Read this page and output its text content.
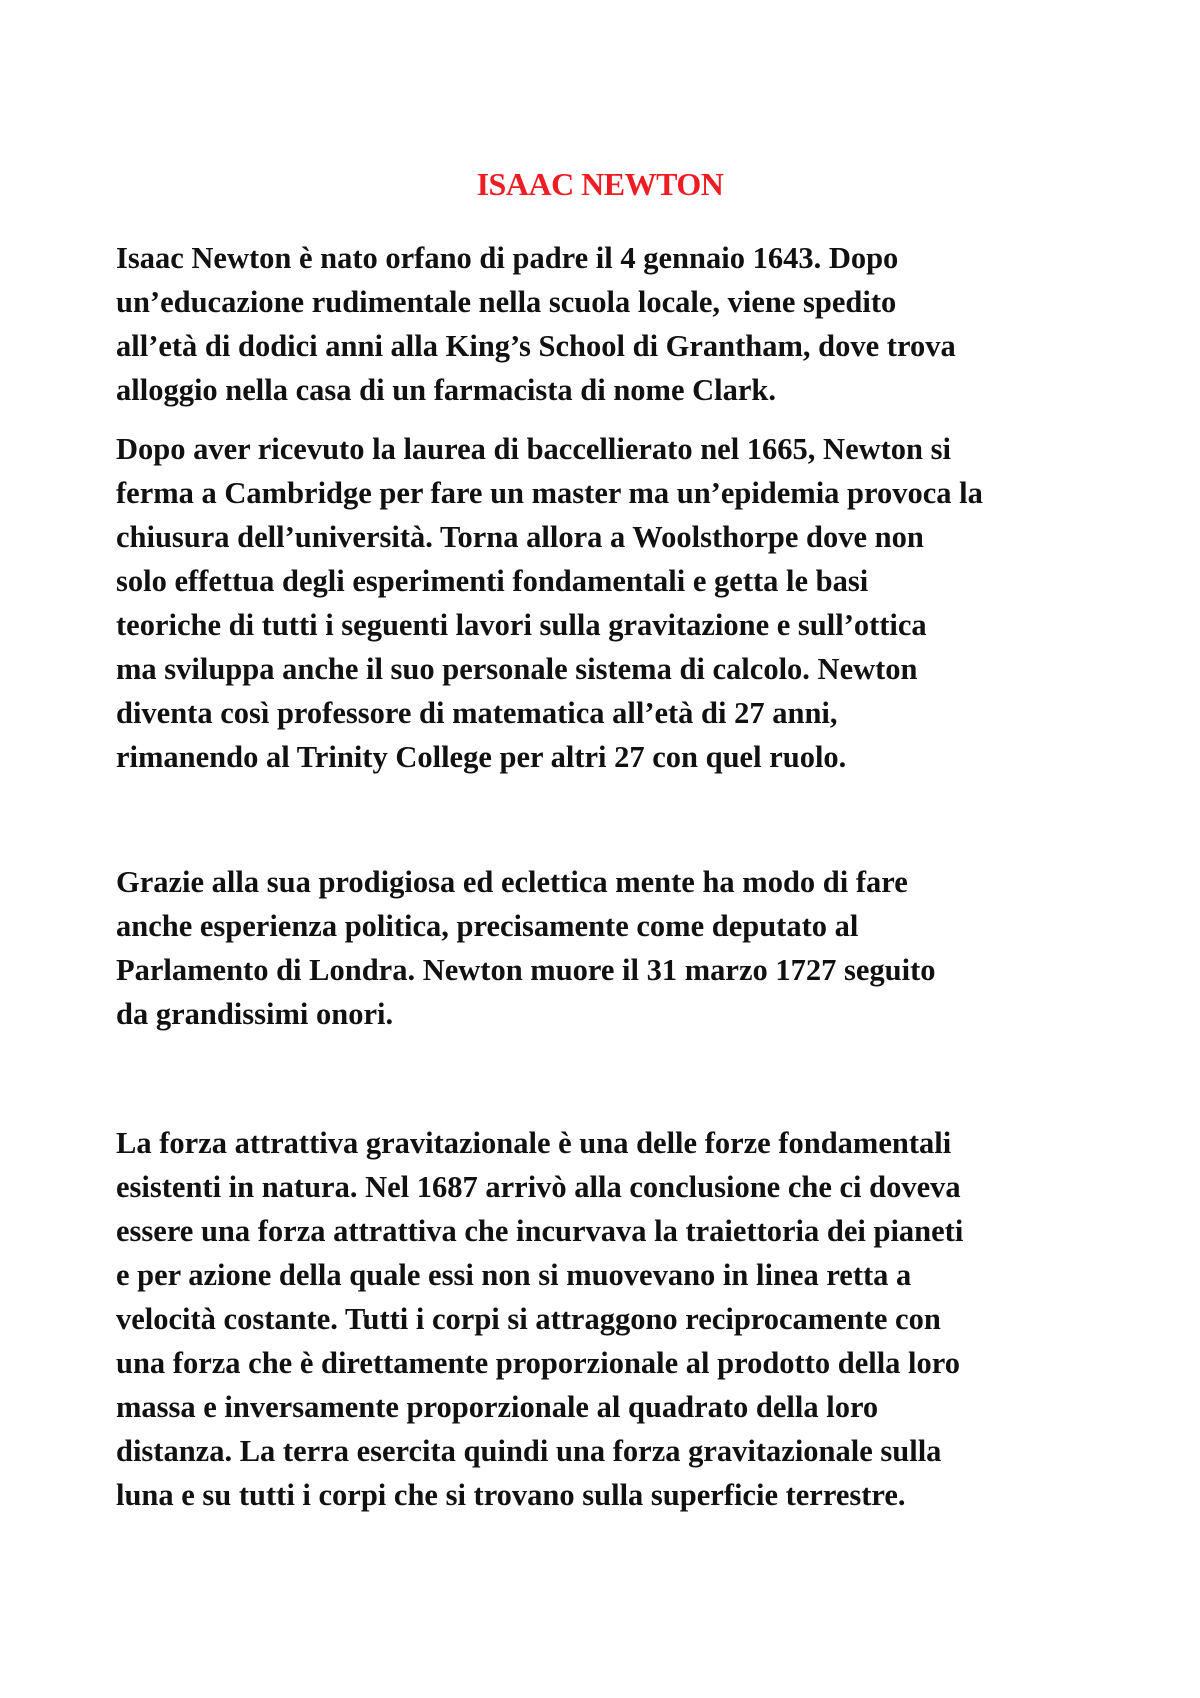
ISAAC NEWTON

Isaac Newton è nato orfano di padre il 4 gennaio 1643. Dopo
un’educazione rudimentale nella scuola locale, viene spedito
all’età di dodici anni alla King’s School di Grantham, dove trova
alloggio nella casa di un farmacista di nome Clark.

Dopo aver ricevuto la laurea di baccellierato nel 1665, Newton si
ferma a Cambridge per fare un master ma un’epidemia provoca la
chiusura dell’università. Torna allora a Woolsthorpe dove non
solo effettua degli esperimenti fondamentali e getta le basi
teoriche di tutti i seguenti lavori sulla gravitazione e sull’ottica
ma sviluppa anche il suo personale sistema di calcolo. Newton
diventa così professore di matematica all’età di 27 anni,
rimanendo al Trinity College per altri 27 con quel ruolo.

Grazie alla sua prodigiosa ed eclettica mente ha modo di fare
anche esperienza politica, precisamente come deputato al
Parlamento di Londra. Newton muore il 31 marzo 1727 seguito
da grandissimi onori.

La forza attrattiva gravitazionale è una delle forze fondamentali
esistenti in natura. Nel 1687 arrivò alla conclusione che ci doveva
essere una forza attrattiva che incurvava la traiettoria dei pianeti
e per azione della quale essi non si muovevano in linea retta a
velocità costante. Tutti i corpi si attraggono reciprocamente con
una forza che è direttamente proporzionale al prodotto della loro
massa e inversamente proporzionale al quadrato della loro
distanza. La terra esercita quindi una forza gravitazionale sulla
luna e su tutti i corpi che si trovano sulla superficie terrestre.
